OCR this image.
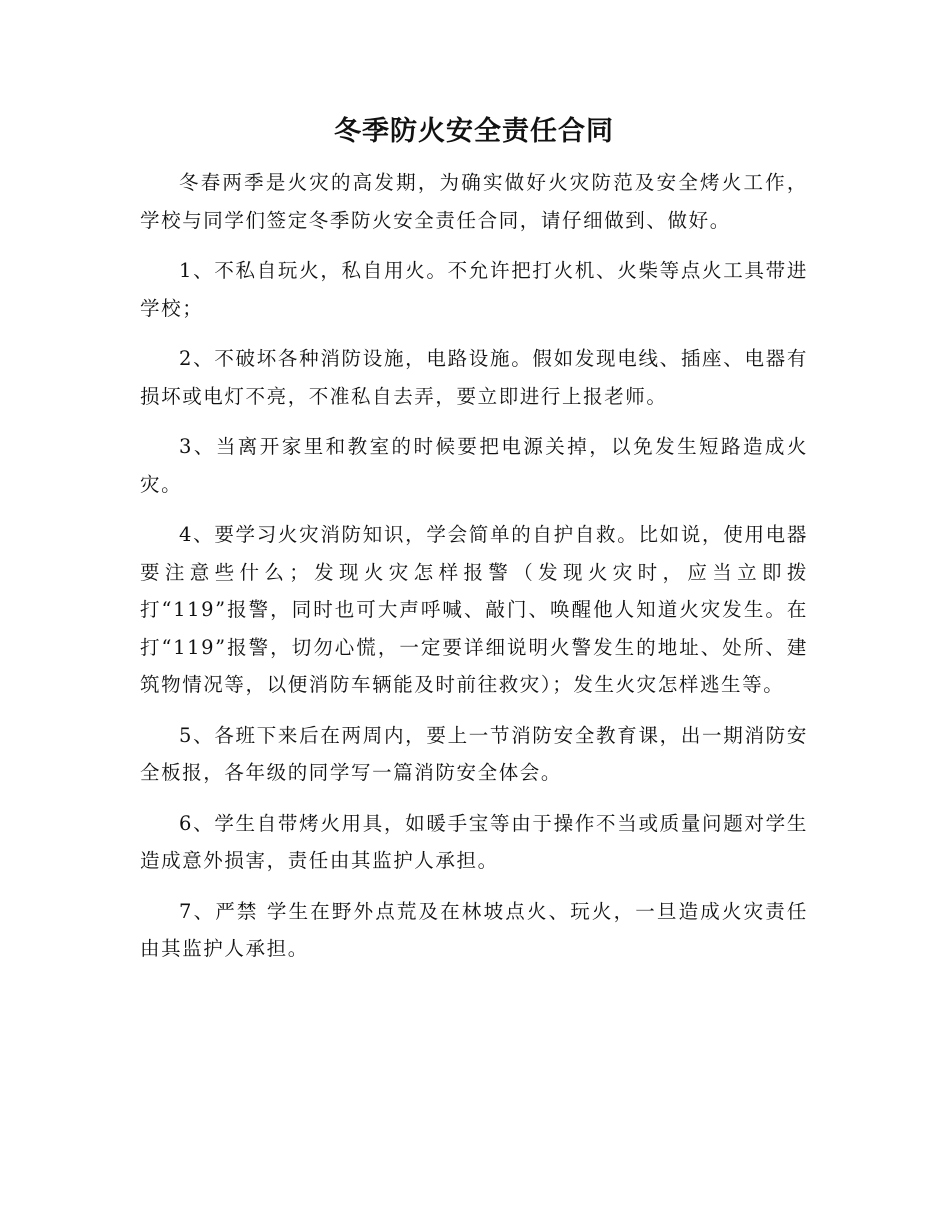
冬季防火安全责任合同

冬春两季是火灾的高发期，为确实做好火灾防范及安全烤火工作，学校与同学们签定冬季防火安全责任合同，请仔细做到、做好。

1、不私自玩火，私自用火。不允许把打火机、火柴等点火工具带进学校；

2、不破坏各种消防设施，电路设施。假如发现电线、插座、电器有损坏或电灯不亮，不准私自去弄，要立即进行上报老师。

3、当离开家里和教室的时候要把电源关掉，以免发生短路造成火灾。

4、要学习火灾消防知识，学会简单的自护自救。比如说，使用电器要注意些什么；发现火灾怎样报警（发现火灾时，应当立即拨打“119”报警，同时也可大声呼喊、敲门、唤醒他人知道火灾发生。在打“119”报警，切勿心慌，一定要详细说明火警发生的地址、处所、建筑物情况等，以便消防车辆能及时前往救灾）；发生火灾怎样逃生等。

5、各班下来后在两周内，要上一节消防安全教育课，出一期消防安全板报，各年级的同学写一篇消防安全体会。

6、学生自带烤火用具，如暖手宝等由于操作不当或质量问题对学生造成意外损害，责任由其监护人承担。

7、严禁 学生在野外点荒及在林坡点火、玩火，一旦造成火灾责任由其监护人承担。
